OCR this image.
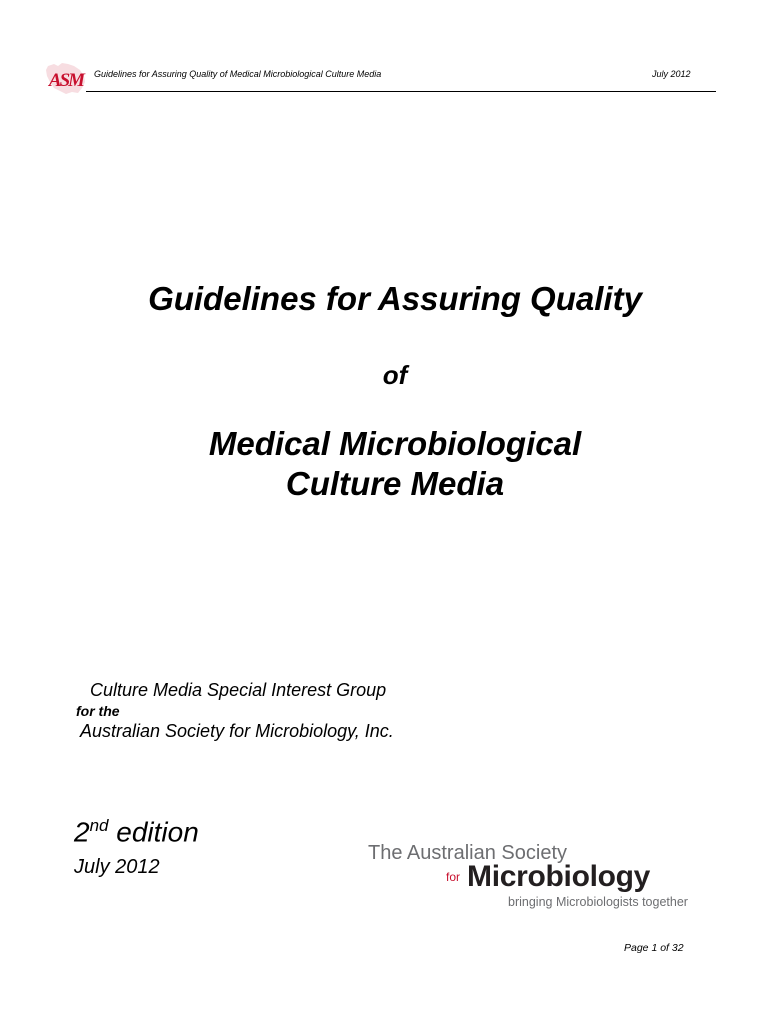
ASM	Guidelines for Assuring Quality of Medical Microbiological Culture Media	July 2012
Guidelines for Assuring Quality
of
Medical Microbiological
Culture Media
Culture Media Special Interest Group
for the
Australian Society for Microbiology, Inc.
2nd edition
July 2012
The Australian Society
for Microbiology
bringing Microbiologists together
Page 1 of 32
